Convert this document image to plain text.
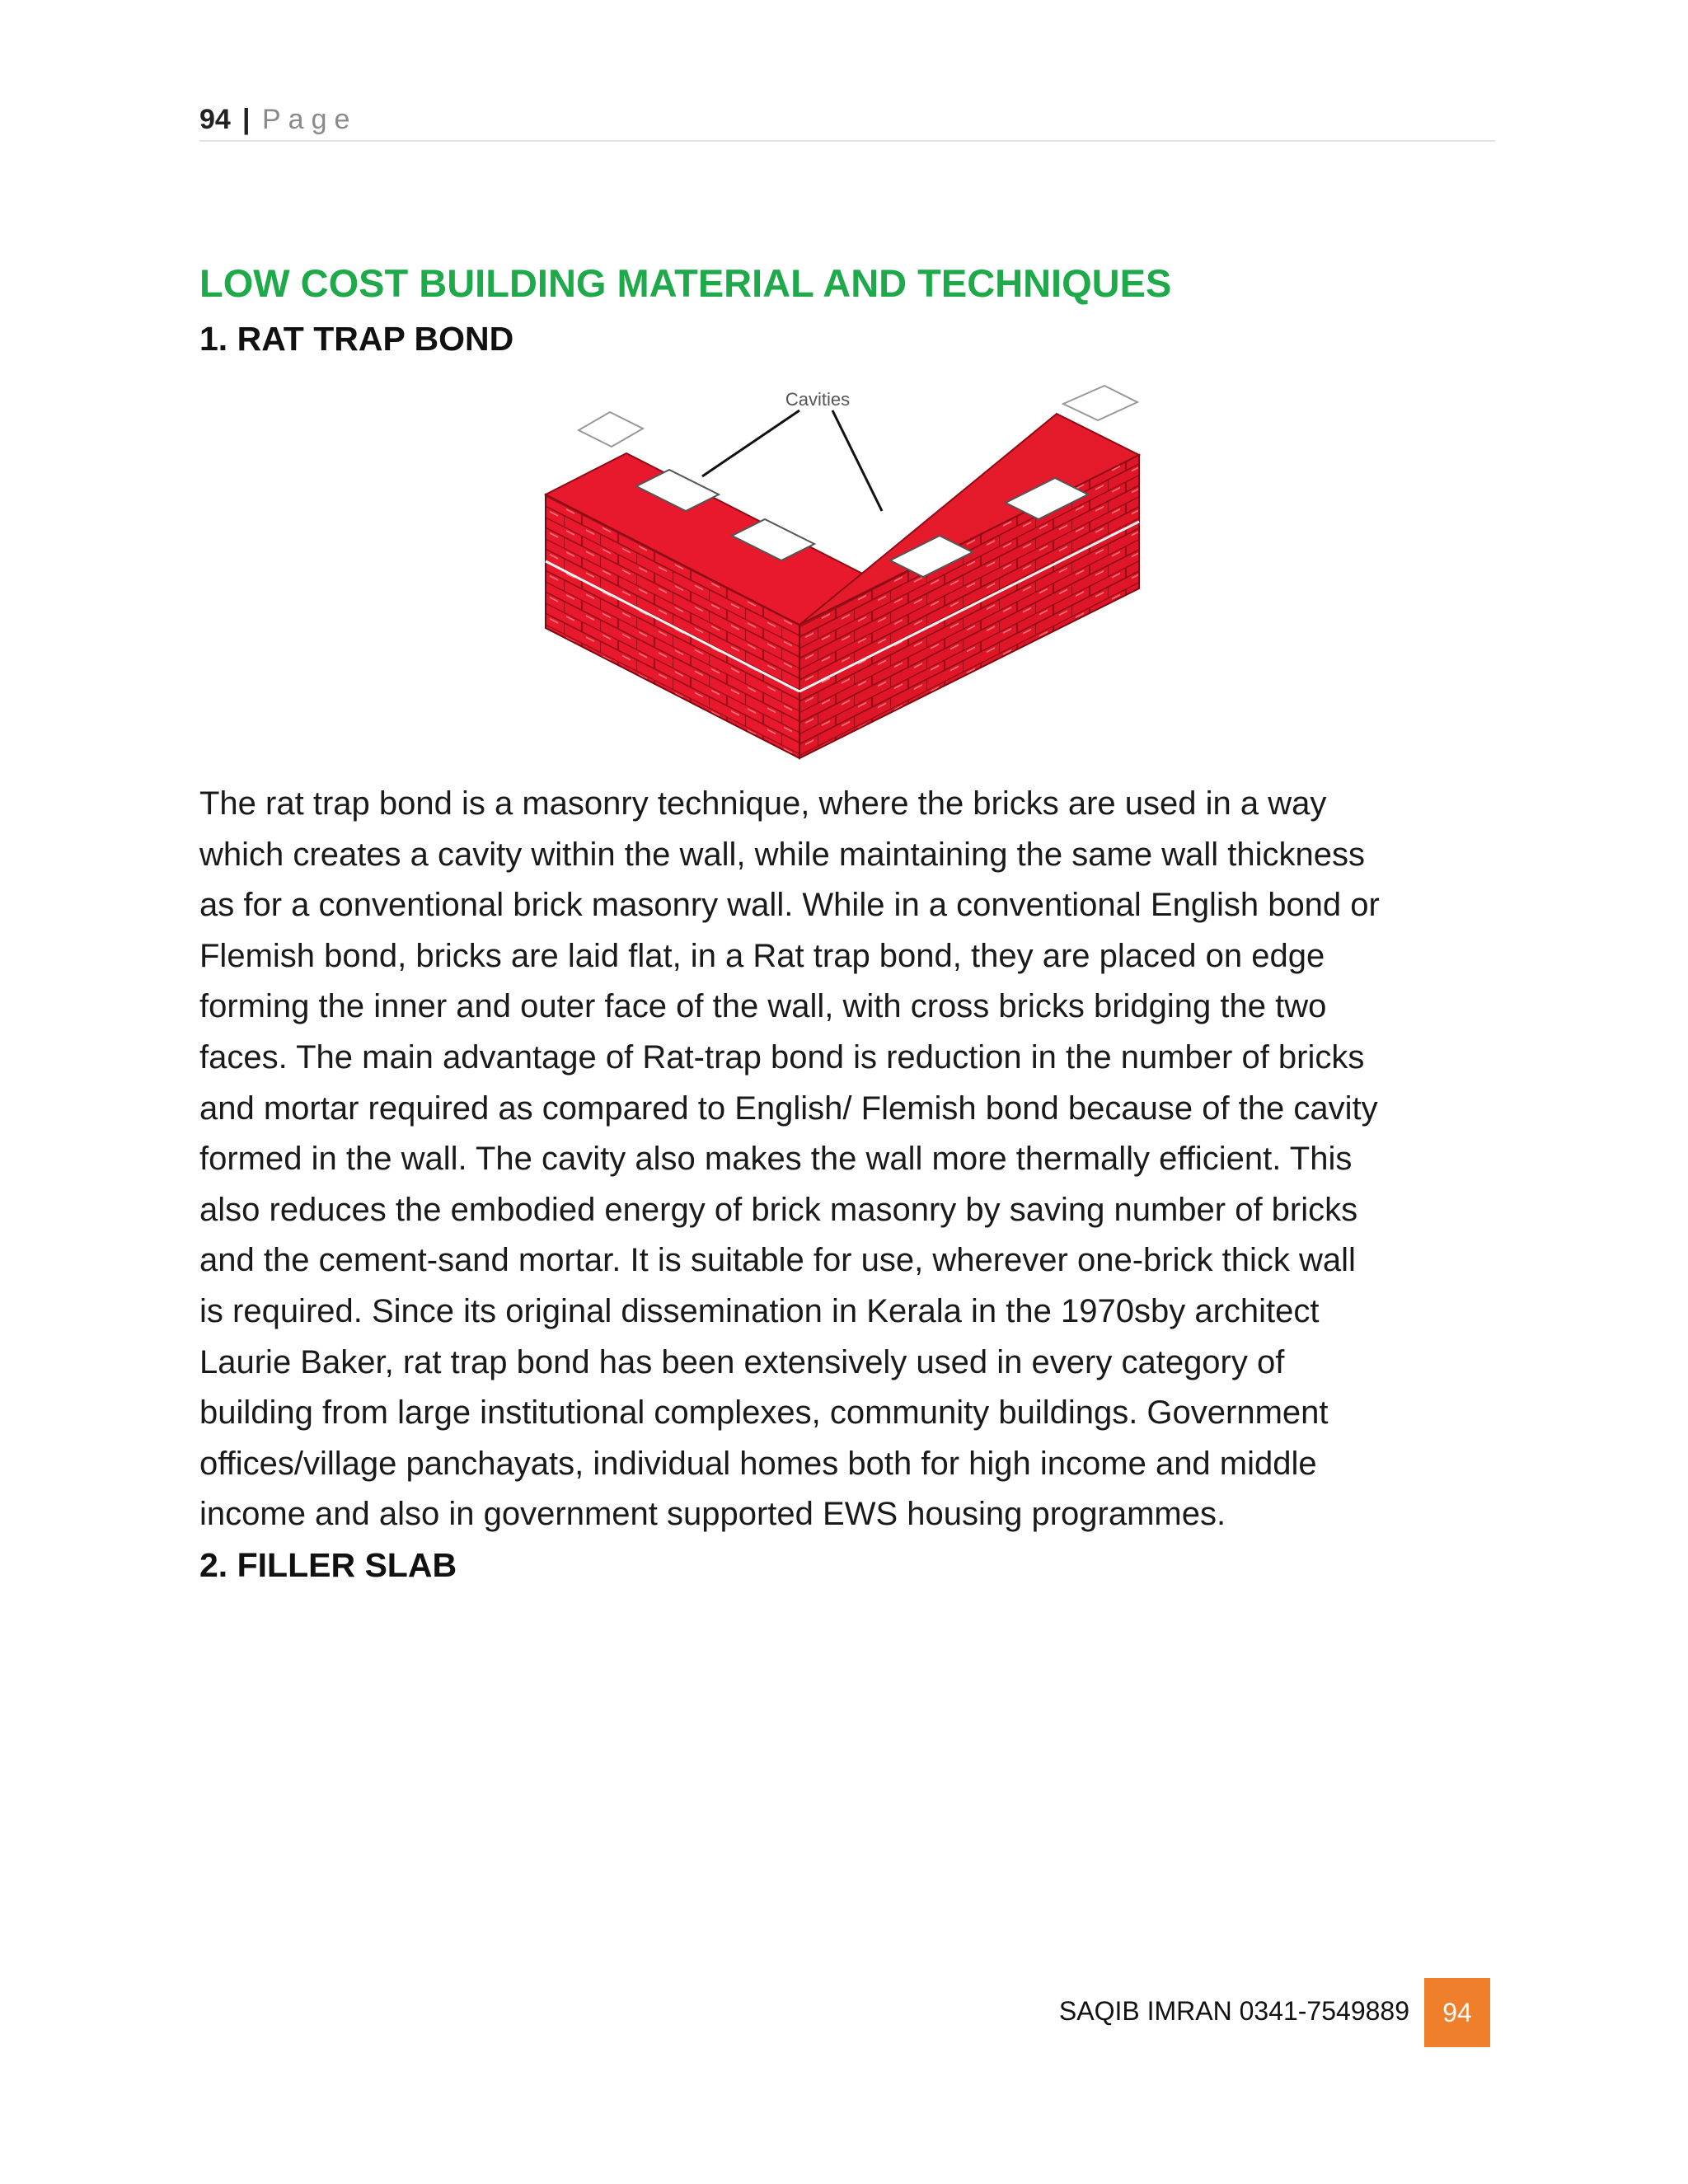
94 | Page
LOW COST BUILDING MATERIAL AND TECHNIQUES
1. RAT TRAP BOND
Cavities
The rat trap bond is a masonry technique, where the bricks are used in a way
which creates a cavity within the wall, while maintaining the same wall thickness
as for a conventional brick masonry wall. While in a conventional English bond or
Flemish bond, bricks are laid flat, in a Rat trap bond, they are placed on edge
forming the inner and outer face of the wall, with cross bricks bridging the two
faces. The main advantage of Rat-trap bond is reduction in the number of bricks
and mortar required as compared to English/ Flemish bond because of the cavity
formed in the wall. The cavity also makes the wall more thermally efficient. This
also reduces the embodied energy of brick masonry by saving number of bricks
and the cement-sand mortar. It is suitable for use, wherever one-brick thick wall
is required. Since its original dissemination in Kerala in the 1970sby architect
Laurie Baker, rat trap bond has been extensively used in every category of
building from large institutional complexes, community buildings. Government
offices/village panchayats, individual homes both for high income and middle
income and also in government supported EWS housing programmes.
2. FILLER SLAB
SAQIB IMRAN 0341-7549889	94
